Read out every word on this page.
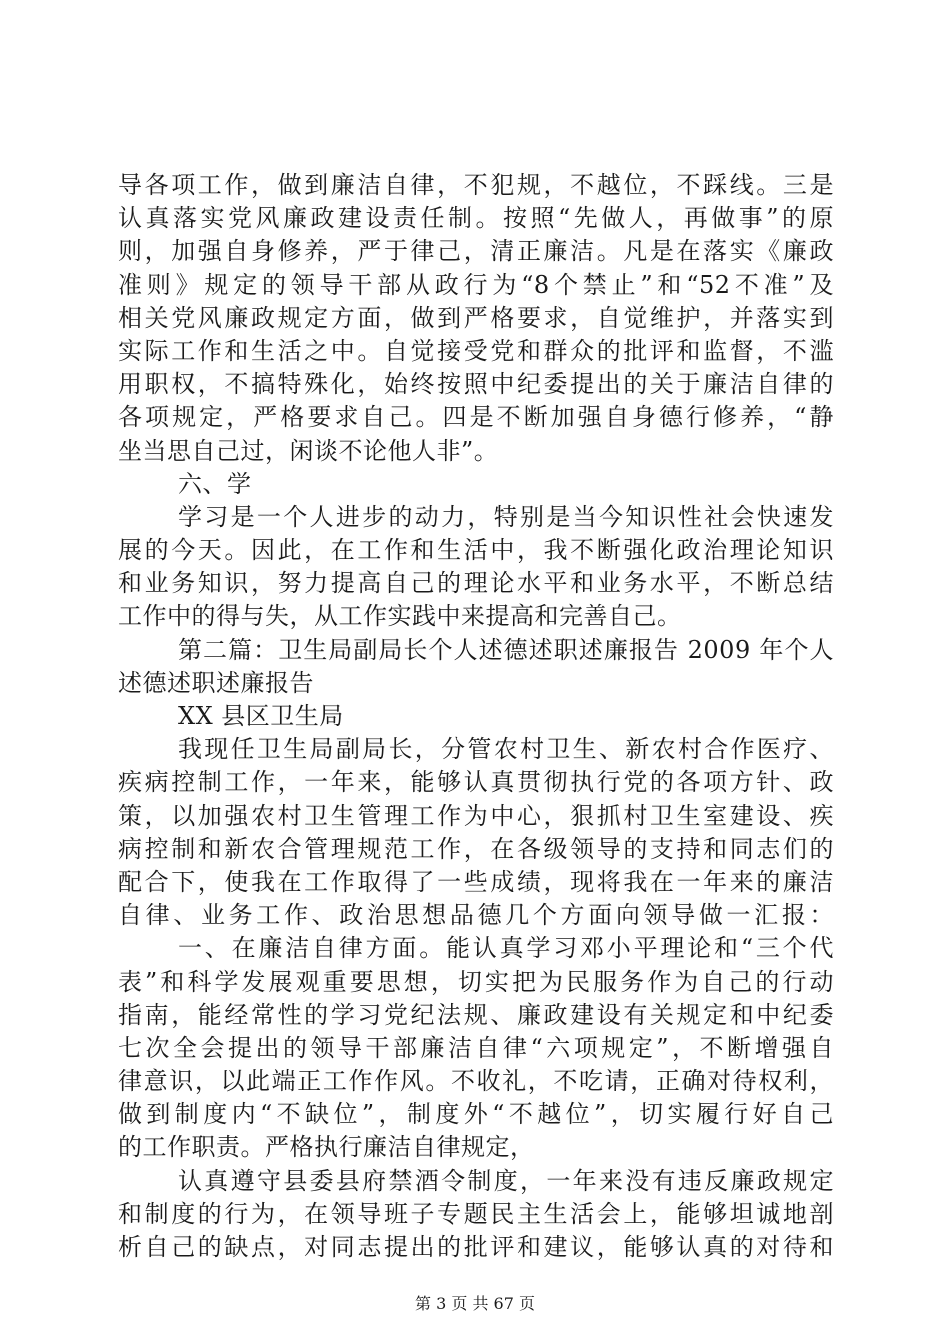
导各项工作，做到廉洁自律，不犯规，不越位，不踩线。三是
认真落实党风廉政建设责任制。按照“先做人，再做事”的原
则，加强自身修养，严于律己，清正廉洁。凡是在落实《廉政
准则》规定的领导干部从政行为“8个禁止”和“52不准”及
相关党风廉政规定方面，做到严格要求，自觉维护，并落实到
实际工作和生活之中。自觉接受党和群众的批评和监督，不滥
用职权，不搞特殊化，始终按照中纪委提出的关于廉洁自律的
各项规定，严格要求自己。四是不断加强自身德行修养，“静
坐当思自己过，闲谈不论他人非”。
六、学
学习是一个人进步的动力，特别是当今知识性社会快速发
展的今天。因此，在工作和生活中，我不断强化政治理论知识
和业务知识，努力提高自己的理论水平和业务水平，不断总结
工作中的得与失，从工作实践中来提高和完善自己。
第二篇：卫生局副局长个人述德述职述廉报告 2009 年个人
述德述职述廉报告
XX 县区卫生局
我现任卫生局副局长，分管农村卫生、新农村合作医疗、
疾病控制工作，一年来，能够认真贯彻执行党的各项方针、政
策，以加强农村卫生管理工作为中心，狠抓村卫生室建设、疾
病控制和新农合管理规范工作，在各级领导的支持和同志们的
配合下，使我在工作取得了一些成绩，现将我在一年来的廉洁
自律、业务工作、政治思想品德几个方面向领导做一汇报：
一、在廉洁自律方面。能认真学习邓小平理论和“三个代
表”和科学发展观重要思想，切实把为民服务作为自己的行动
指南，能经常性的学习党纪法规、廉政建设有关规定和中纪委
七次全会提出的领导干部廉洁自律“六项规定”，不断增强自
律意识，以此端正工作作风。不收礼，不吃请，正确对待权利，
做到制度内“不缺位”，制度外“不越位”，切实履行好自己
的工作职责。严格执行廉洁自律规定，
认真遵守县委县府禁酒令制度，一年来没有违反廉政规定
和制度的行为，在领导班子专题民主生活会上，能够坦诚地剖
析自己的缺点，对同志提出的批评和建议，能够认真的对待和
第 3 页 共 67 页
